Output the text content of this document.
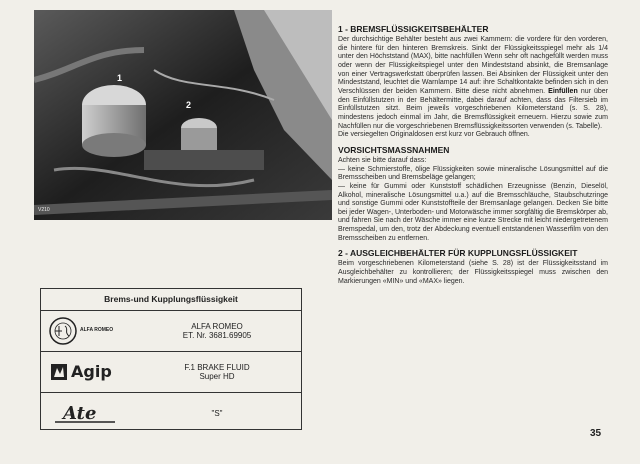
1
2
V210
Brems-und Kupplungsflüssigkeit
ALFA ROMEO	ALFA ROMEO
ET. Nr. 3681.69905
Agip	F.1 BRAKE FLUID
Super HD
Ate	"S"
1 - BREMSFLÜSSIGKEITSBEHÄLTER

Der durchsichtige Behälter besteht aus zwei Kammern: die vordere für den vorderen, die hintere für den hinteren Bremskreis. Sinkt der Flüssigkeitsspiegel mehr als 1/4 unter den Höchststand (MAX), bitte nachfüllen Wenn sehr oft nachgefüllt werden muss oder wenn der Flüssigkeitspiegel unter den Mindeststand absinkt, die Bremsanlage von einer Vertragswerkstatt überprüfen lassen. Bei Absinken der Flüssigkeit unter den Mindeststand, leuchtet die Warnlampe 14 auf: ihre Schaltkontakte befinden sich in den Verschlüssen der beiden Kammern. Bitte diese nicht abnehmen. Einfüllen nur über den Einfüllstutzen in der Behältermitte, dabei darauf achten, dass das Filtersieb im Einfüllstutzen sitzt. Beim jeweils vorgeschriebenen Kilometerstand (s. S. 28), mindestens jedoch einmal im Jahr, die Bremsflüssigkeit erneuern. Hierzu sowie zum Nachfüllen nur die vorgeschriebenen Bremsflüssigkeitssorten verwenden (s. Tabelle).

Die versiegelten Originaldosen erst kurz vor Gebrauch öffnen.

VORSICHTSMASSNAHMEN

Achten sie bitte darauf dass:

— keine Schmierstoffe, ölige Flüssigkeiten sowie mineralische Lösungsmittel auf die Bremsscheiben und Bremsbeläge gelangen;

— keine für Gummi oder Kunststoff schädlichen Erzeugnisse (Benzin, Dieselöl, Alkohol, mineralische Lösungsmittel u.a.) auf die Bremsschläuche, Staubschutzringe und sonstige Gummi oder Kunststoffteile der Bremsanlage gelangen. Decken Sie bitte bei jeder Wagen-, Unterboden- und Motorwäsche immer sorgfältig die Bremskörper ab, und fahren Sie nach der Wäsche immer eine kurze Strecke mit leicht niedergetretenem Bremspedal, um den, trotz der Abdeckung eventuell entstandenen Wasserfilm von den Bremsscheiben zu entfernen.

2 - AUSGLEICHBEHÄLTER FÜR KUPPLUNGSFLÜSSIGKEIT

Beim vorgeschriebenen Kilometerstand (siehe S. 28) ist der Flüssigkeitsstand im Ausgleichbehälter zu kontrollieren; der Flüssigkeitsspiegel muss zwischen den Markierungen «MIN» und «MAX» liegen.

35
